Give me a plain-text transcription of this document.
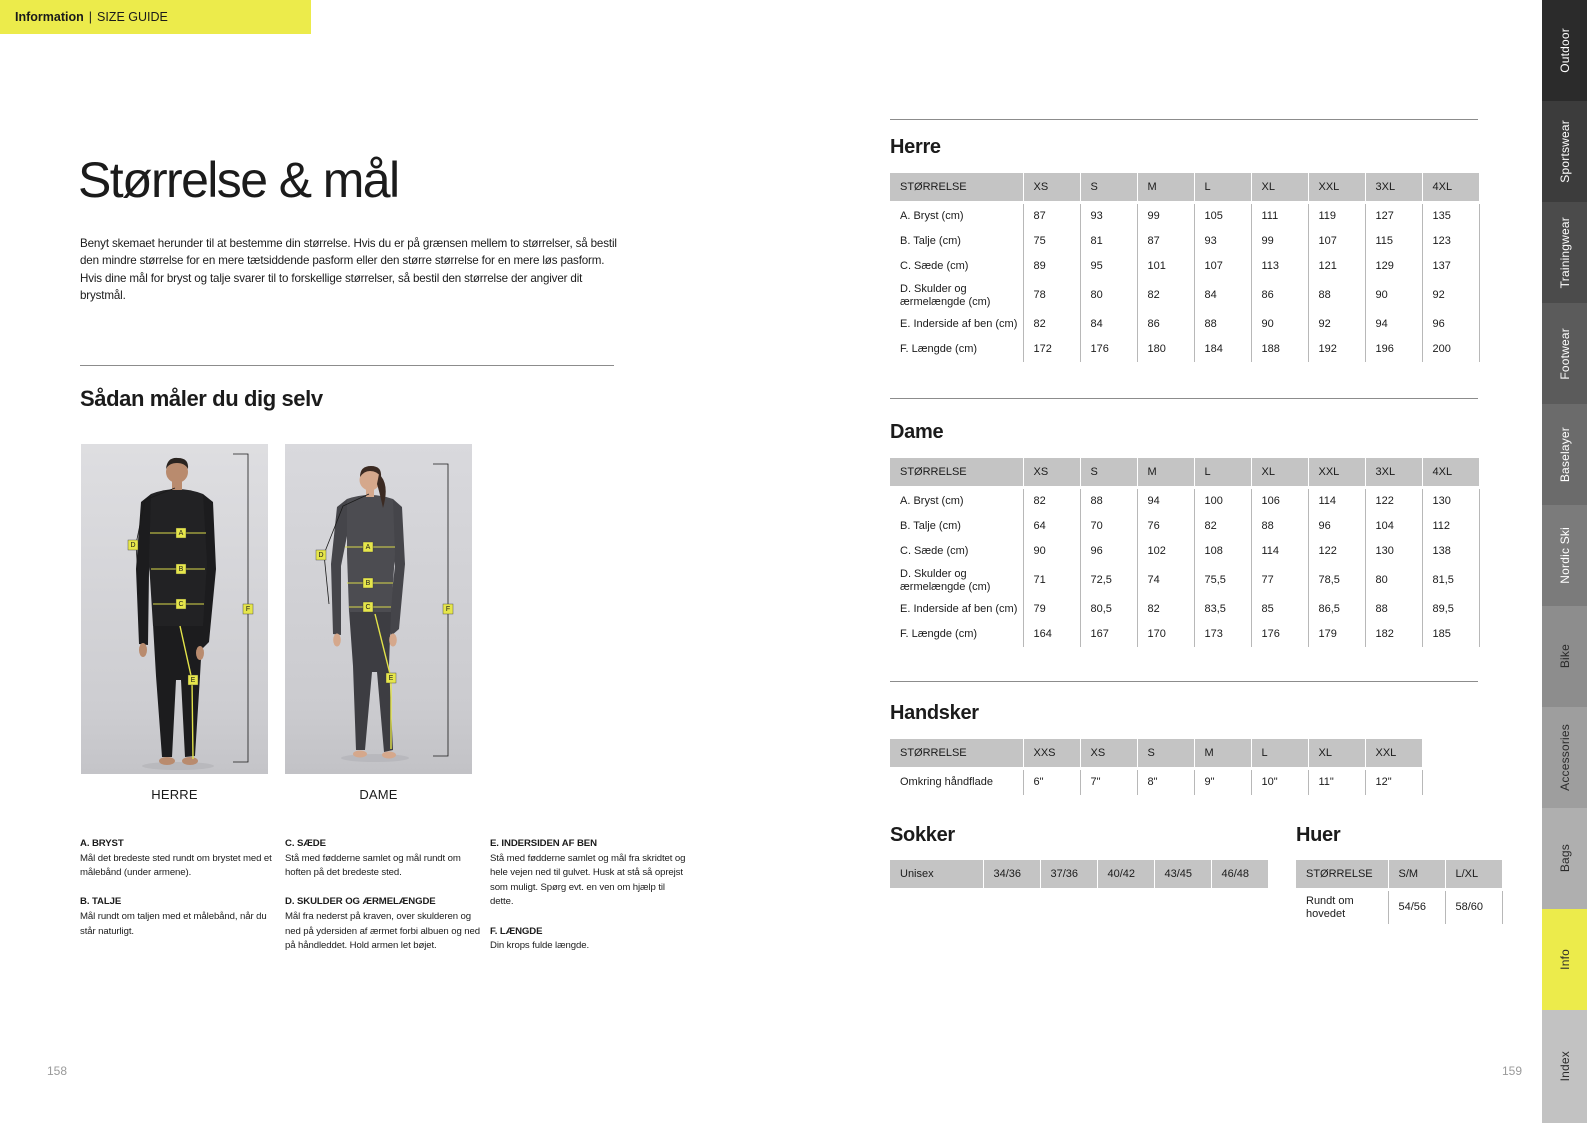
Information | SIZE GUIDE
Størrelse & mål

Benyt skemaet herunder til at bestemme din størrelse. Hvis du er på grænsen mellem to størrelser, så bestil den mindre størrelse for en mere tætsiddende pasform eller den større størrelse for en mere løs pasform. Hvis dine mål for bryst og talje svarer til to forskellige størrelser, så bestil den størrelse der angiver dit brystmål.

Sådan måler du dig selv
A
B
C
D
E
F
A
B
C
D
E
F
HERRE	DAME
A. BRYST
Mål det bredeste sted rundt om brystet med et målebånd (under armene).
B. TALJE
Mål rundt om taljen med et målebånd, når du står naturligt.
C. SÆDE
Stå med fødderne samlet og mål rundt om hoften på det bredeste sted.
D. SKULDER OG ÆRMELÆNGDE
Mål fra nederst på kraven, over skulderen og ned på ydersiden af ærmet forbi albuen og ned på håndleddet. Hold armen let bøjet.
E. INDERSIDEN AF BEN
Stå med fødderne samlet og mål fra skridtet og hele vejen ned til gulvet. Husk at stå så oprejst som muligt. Spørg evt. en ven om hjælp til dette.
F. LÆNGDE
Din krops fulde længde.
158	159
Herre
STØRRELSE	XS	S	M	L	XL	XXL	3XL	4XL

A. Bryst (cm)	87	93	99	105	111	119	127	135
B. Talje (cm)	75	81	87	93	99	107	115	123
C. Sæde (cm)	89	95	101	107	113	121	129	137
D. Skulder og ærmelængde (cm)	78	80	82	84	86	88	90	92
E. Inderside af ben (cm)	82	84	86	88	90	92	94	96
F. Længde (cm)	172	176	180	184	188	192	196	200
Dame
STØRRELSE	XS	S	M	L	XL	XXL	3XL	4XL

A. Bryst (cm)	82	88	94	100	106	114	122	130
B. Talje (cm)	64	70	76	82	88	96	104	112
C. Sæde (cm)	90	96	102	108	114	122	130	138
D. Skulder og ærmelængde (cm)	71	72,5	74	75,5	77	78,5	80	81,5
E. Inderside af ben (cm)	79	80,5	82	83,5	85	86,5	88	89,5
F. Længde (cm)	164	167	170	173	176	179	182	185
Handsker
STØRRELSE	XXS	XS	S	M	L	XL	XXL

Omkring håndflade	6"	7"	8"	9"	10"	11"	12"
Sokker
Unisex	34/36	37/36	40/42	43/45	46/48
Huer
STØRRELSE	S/M	L/XL

Rundt om hovedet	54/56	58/60
Outdoor
Sportswear
Trainingwear
Footwear
Baselayer
Nordic Ski
Bike
Accessories
Bags
Info
Index
